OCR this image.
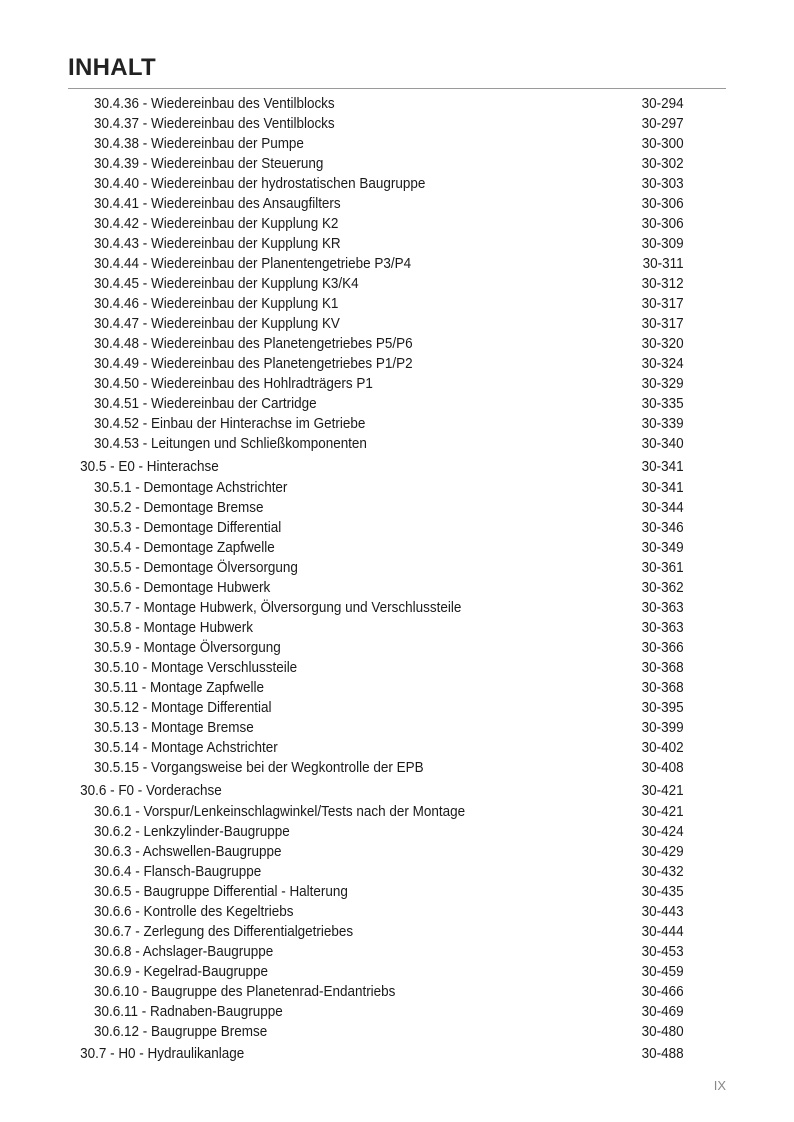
INHALT
30.4.36 - Wiedereinbau des Ventilblocks	30-294
30.4.37 - Wiedereinbau des Ventilblocks	30-297
30.4.38 - Wiedereinbau der Pumpe	30-300
30.4.39 - Wiedereinbau der Steuerung	30-302
30.4.40 - Wiedereinbau der hydrostatischen Baugruppe	30-303
30.4.41 - Wiedereinbau des Ansaugfilters	30-306
30.4.42 - Wiedereinbau der Kupplung K2	30-306
30.4.43 - Wiedereinbau der Kupplung KR	30-309
30.4.44 - Wiedereinbau der Planentengetriebe P3/P4	30-311
30.4.45 - Wiedereinbau der Kupplung K3/K4	30-312
30.4.46 - Wiedereinbau der Kupplung K1	30-317
30.4.47 - Wiedereinbau der Kupplung KV	30-317
30.4.48 - Wiedereinbau des Planetengetriebes P5/P6	30-320
30.4.49 - Wiedereinbau des Planetengetriebes P1/P2	30-324
30.4.50 - Wiedereinbau des Hohlradträgers P1	30-329
30.4.51 - Wiedereinbau der Cartridge	30-335
30.4.52 - Einbau der Hinterachse im Getriebe	30-339
30.4.53 - Leitungen und Schließkomponenten	30-340
30.5 - E0 - Hinterachse	30-341
30.5.1 - Demontage Achstrichter	30-341
30.5.2 - Demontage Bremse	30-344
30.5.3 - Demontage Differential	30-346
30.5.4 - Demontage Zapfwelle	30-349
30.5.5 - Demontage Ölversorgung	30-361
30.5.6 - Demontage Hubwerk	30-362
30.5.7 - Montage Hubwerk, Ölversorgung und Verschlussteile	30-363
30.5.8 - Montage Hubwerk	30-363
30.5.9 - Montage Ölversorgung	30-366
30.5.10 - Montage Verschlussteile	30-368
30.5.11 - Montage Zapfwelle	30-368
30.5.12 - Montage Differential	30-395
30.5.13 - Montage Bremse	30-399
30.5.14 - Montage Achstrichter	30-402
30.5.15 - Vorgangsweise bei der Wegkontrolle der EPB	30-408
30.6 - F0 - Vorderachse	30-421
30.6.1 - Vorspur/Lenkeinschlagwinkel/Tests nach der Montage	30-421
30.6.2 - Lenkzylinder-Baugruppe	30-424
30.6.3 - Achswellen-Baugruppe	30-429
30.6.4 - Flansch-Baugruppe	30-432
30.6.5 - Baugruppe Differential - Halterung	30-435
30.6.6 - Kontrolle des Kegeltriebs	30-443
30.6.7 - Zerlegung des Differentialgetriebes	30-444
30.6.8 - Achslager-Baugruppe	30-453
30.6.9 - Kegelrad-Baugruppe	30-459
30.6.10 - Baugruppe des Planetenrad-Endantriebs	30-466
30.6.11 - Radnaben-Baugruppe	30-469
30.6.12 - Baugruppe Bremse	30-480
30.7 - H0 - Hydraulikanlage	30-488
IX
